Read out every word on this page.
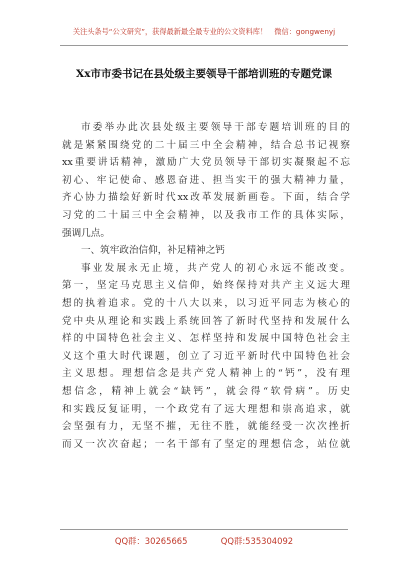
关注头条号“公文研究”，获得最新最全最专业的公文资料库！　微信：gongwenyj
Xx市市委书记在县处级主要领导干部培训班的专题党课
市委举办此次县处级主要领导干部专题培训班的目的
就是紧紧围绕党的二十届三中全会精神，结合总书记视察
xx重要讲话精神，激励广大党员领导干部切实凝聚起不忘
初心、牢记使命、感恩奋进、担当实干的强大精神力量，
齐心协力描绘好新时代xx改革发展新画卷。下面，结合学
习党的二十届三中全会精神，以及我市工作的具体实际，
强调几点。
一、筑牢政治信仰，补足精神之钙
事业发展永无止境，共产党人的初心永远不能改变。
第一，坚定马克思主义信仰，始终保持对共产主义远大理
想的执着追求。党的十八大以来，以习近平同志为核心的
党中央从理论和实践上系统回答了新时代坚持和发展什么
样的中国特色社会主义、怎样坚持和发展中国特色社会主
义这个重大时代课题，创立了习近平新时代中国特色社会
主义思想。理想信念是共产党人精神上的“钙”，没有理
想信念，精神上就会“缺钙”，就会得“软骨病”。历史
和实践反复证明，一个政党有了远大理想和崇高追求，就
会坚强有力，无坚不摧，无往不胜，就能经受一次次挫折
而又一次次奋起；一名干部有了坚定的理想信念，站位就
QQ群：30265665	QQ群:535304092
